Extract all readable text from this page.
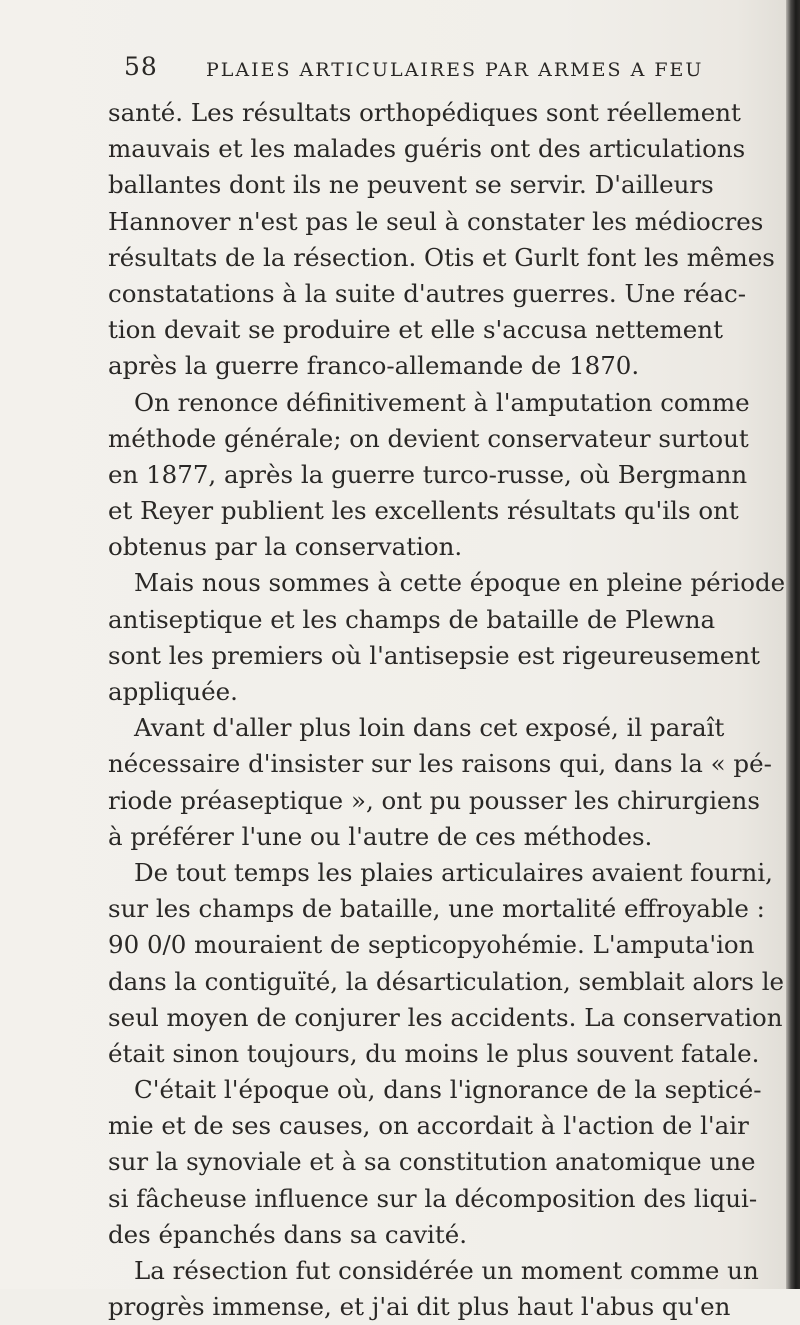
58	PLAIES ARTICULAIRES PAR ARMES A FEU
santé. Les résultats orthopédiques sont réellement
mauvais et les malades guéris ont des articulations
ballantes dont ils ne peuvent se servir. D'ailleurs
Hannover n'est pas le seul à constater les médiocres
résultats de la résection. Otis et Gurlt font les mêmes
constatations à la suite d'autres guerres. Une réac-
tion devait se produire et elle s'accusa nettement
après la guerre franco-allemande de 1870.
On renonce définitivement à l'amputation comme
méthode générale; on devient conservateur surtout
en 1877, après la guerre turco-russe, où Bergmann
et Reyer publient les excellents résultats qu'ils ont
obtenus par la conservation.
Mais nous sommes à cette époque en pleine période
antiseptique et les champs de bataille de Plewna
sont les premiers où l'antisepsie est rigeureusement
appliquée.
Avant d'aller plus loin dans cet exposé, il paraît
nécessaire d'insister sur les raisons qui, dans la « pé-
riode préaseptique », ont pu pousser les chirurgiens
à préférer l'une ou l'autre de ces méthodes.
De tout temps les plaies articulaires avaient fourni,
sur les champs de bataille, une mortalité effroyable :
90 0/0 mouraient de septicopyohémie. L'amputa'ion
dans la contiguïté, la désarticulation, semblait alors le
seul moyen de conjurer les accidents. La conservation
était sinon toujours, du moins le plus souvent fatale.
C'était l'époque où, dans l'ignorance de la septicé-
mie et de ses causes, on accordait à l'action de l'air
sur la synoviale et à sa constitution anatomique une
si fâcheuse influence sur la décomposition des liqui-
des épanchés dans sa cavité.
La résection fut considérée un moment comme un
progrès immense, et j'ai dit plus haut l'abus qu'en
